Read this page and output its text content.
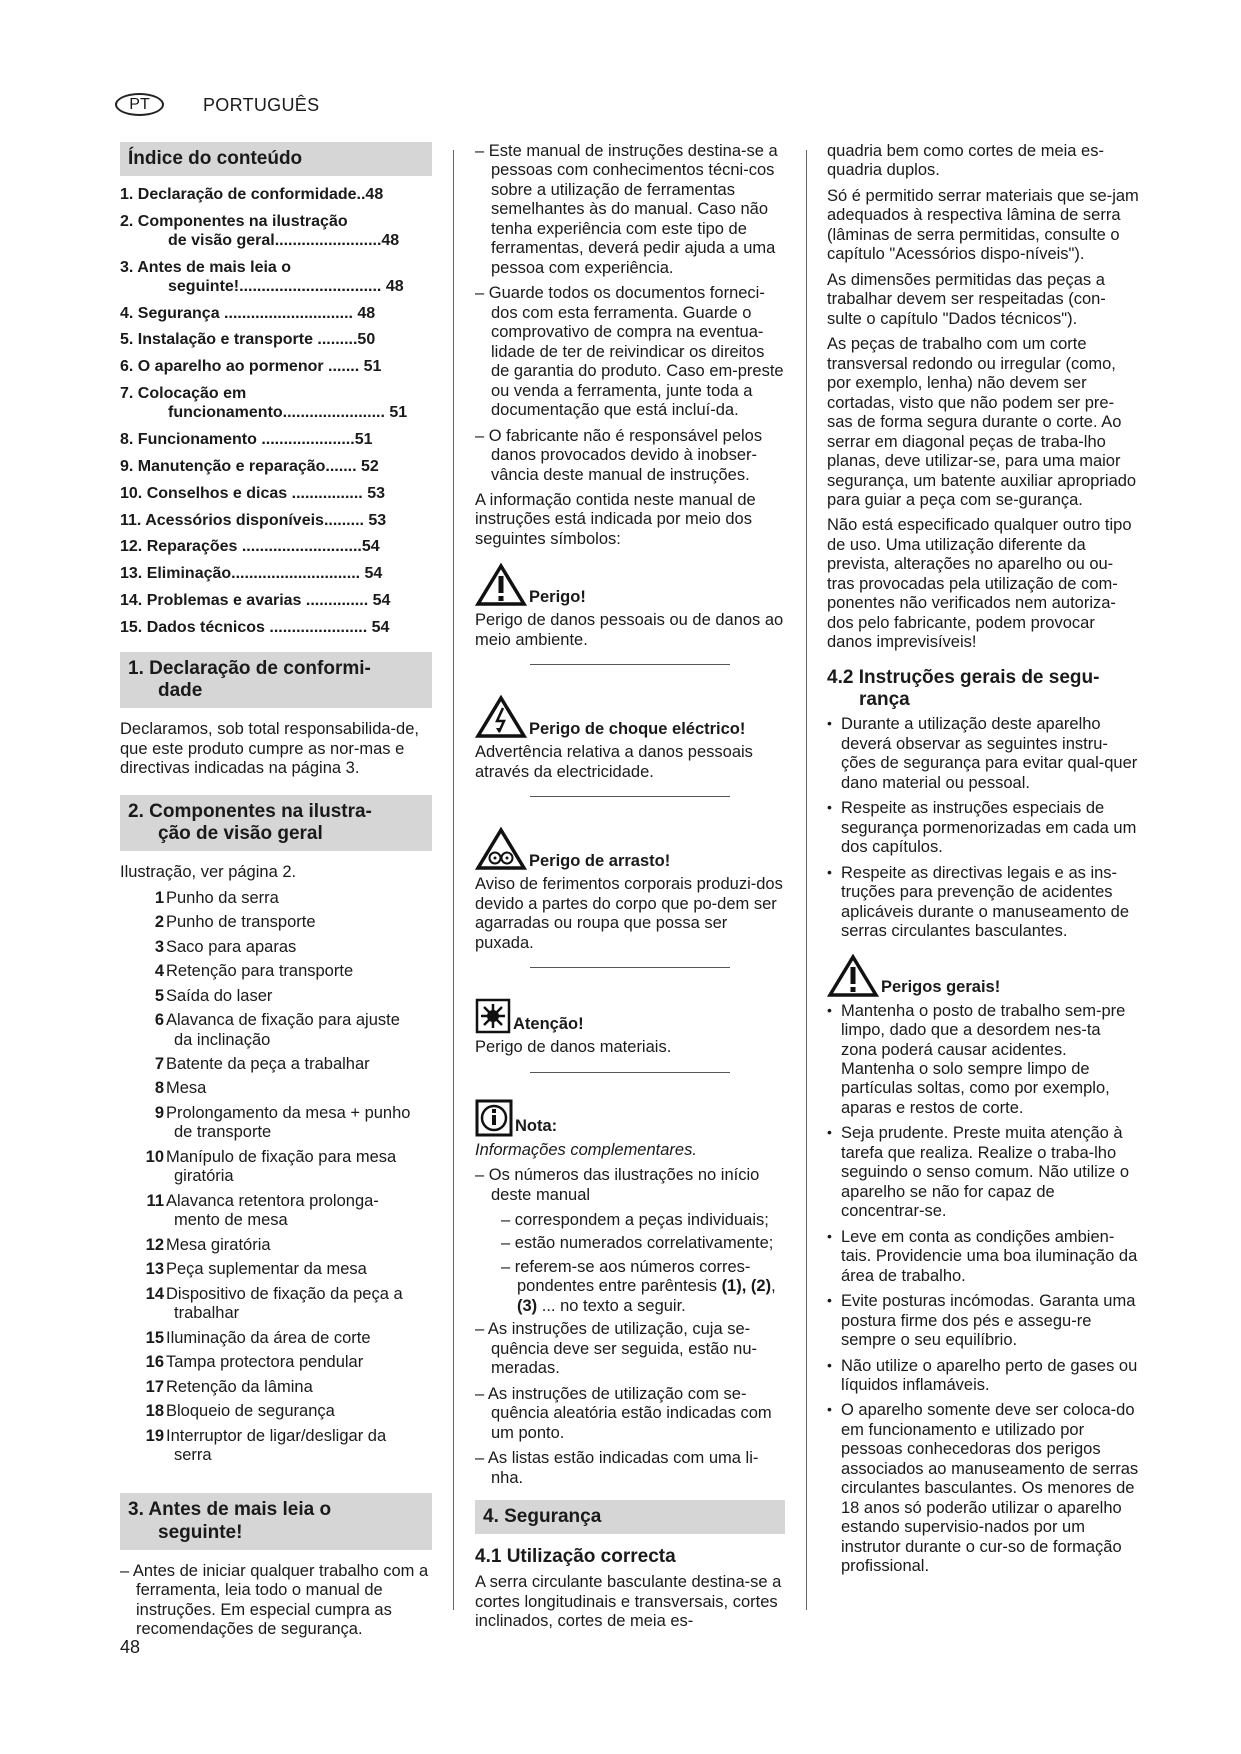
PT	PORTUGUÊS
Índice do conteúdo
1. Declaração de conformidade..48
2. Componentes na ilustração
de visão geral........................48
3. Antes de mais leia o
seguinte!................................ 48
4. Segurança ............................. 48
5. Instalação e transporte .........50
6. O aparelho ao pormenor ....... 51
7. Colocação em
funcionamento....................... 51
8. Funcionamento .....................51
9. Manutenção e reparação....... 52
10. Conselhos e dicas ................ 53
11. Acessórios disponíveis......... 53
12. Reparações ...........................54
13. Eliminação............................. 54
14. Problemas e avarias .............. 54
15. Dados técnicos ...................... 54
1. Declaração de conformi-
dade

Declaramos, sob total responsabilida-de, que este produto cumpre as nor-mas e directivas indicadas na página 3.

2. Componentes na ilustra-
ção de visão geral

Ilustração, ver página 2.

1 Punho da serra
2 Punho de transporte
3 Saco para aparas
4 Retenção para transporte
5 Saída do laser
6 Alavanca de fixação para ajuste
da inclinação
7 Batente da peça a trabalhar
8 Mesa
9 Prolongamento da mesa + punho
de transporte
10 Manípulo de fixação para mesa
giratória
11 Alavanca retentora prolonga-
mento de mesa
12 Mesa giratória
13 Peça suplementar da mesa
14 Dispositivo de fixação da peça a
trabalhar
15 Iluminação da área de corte
16 Tampa protectora pendular
17 Retenção da lâmina
18 Bloqueio de segurança
19 Interruptor de ligar/desligar da
serra
3. Antes de mais leia o
seguinte!

– Antes de iniciar qualquer trabalho com a ferramenta, leia todo o manual de instruções. Em especial cumpra as recomendações de segurança.

– Este manual de instruções destina-se a pessoas com conhecimentos técni-cos sobre a utilização de ferramentas semelhantes às do manual. Caso não tenha experiência com este tipo de ferramentas, deverá pedir ajuda a uma pessoa com experiência.

– Guarde todos os documentos forneci-dos com esta ferramenta. Guarde o comprovativo de compra na eventua-lidade de ter de reivindicar os direitos de garantia do produto. Caso em-preste ou venda a ferramenta, junte toda a documentação que está incluí-da.

– O fabricante não é responsável pelos danos provocados devido à inobser-vância deste manual de instruções.

A informação contida neste manual de instruções está indicada por meio dos seguintes símbolos:

Perigo!

Perigo de danos pessoais ou de danos ao meio ambiente.

Perigo de choque eléctrico!

Advertência relativa a danos pessoais através da electricidade.

Perigo de arrasto!

Aviso de ferimentos corporais produzi-dos devido a partes do corpo que po-dem ser agarradas ou roupa que possa ser puxada.

Atenção!

Perigo de danos materiais.

Nota:

Informações complementares.

– Os números das ilustrações no início deste manual

– correspondem a peças individuais;

– estão numerados correlativamente;

– referem-se aos números corres-pondentes entre parêntesis (1), (2), (3) ... no texto a seguir.

– As instruções de utilização, cuja se-quência deve ser seguida, estão nu-meradas.

– As instruções de utilização com se-quência aleatória estão indicadas com um ponto.

– As listas estão indicadas com uma li-nha.

4. Segurança
4.1 Utilização correcta

A serra circulante basculante destina-se a cortes longitudinais e transversais, cortes inclinados, cortes de meia es-

quadria bem como cortes de meia es-quadria duplos.

Só é permitido serrar materiais que se-jam adequados à respectiva lâmina de serra (lâminas de serra permitidas, consulte o capítulo "Acessórios dispo-níveis").

As dimensões permitidas das peças a trabalhar devem ser respeitadas (con-sulte o capítulo "Dados técnicos").

As peças de trabalho com um corte transversal redondo ou irregular (como, por exemplo, lenha) não devem ser cortadas, visto que não podem ser pre-sas de forma segura durante o corte. Ao serrar em diagonal peças de traba-lho planas, deve utilizar-se, para uma maior segurança, um batente auxiliar apropriado para guiar a peça com se-gurança.

Não está especificado qualquer outro tipo de uso. Uma utilização diferente da prevista, alterações no aparelho ou ou-tras provocadas pela utilização de com-ponentes não verificados nem autoriza-dos pelo fabricante, podem provocar danos imprevisíveis!

4.2 Instruções gerais de segu-
rança
• Durante a utilização deste aparelho deverá observar as seguintes instru-ções de segurança para evitar qual-quer dano material ou pessoal.
• Respeite as instruções especiais de segurança pormenorizadas em cada um dos capítulos.
• Respeite as directivas legais e as ins-truções para prevenção de acidentes aplicáveis durante o manuseamento de serras circulantes basculantes.
Perigos gerais!
• Mantenha o posto de trabalho sem-pre limpo, dado que a desordem nes-ta zona poderá causar acidentes. Mantenha o solo sempre limpo de partículas soltas, como por exemplo, aparas e restos de corte.
• Seja prudente. Preste muita atenção à tarefa que realiza. Realize o traba-lho seguindo o senso comum. Não utilize o aparelho se não for capaz de concentrar-se.
• Leve em conta as condições ambien-tais. Providencie uma boa iluminação da área de trabalho.
• Evite posturas incómodas. Garanta uma postura firme dos pés e assegu-re sempre o seu equilíbrio.
• Não utilize o aparelho perto de gases ou líquidos inflamáveis.
• O aparelho somente deve ser coloca-do em funcionamento e utilizado por pessoas conhecedoras dos perigos associados ao manuseamento de serras circulantes basculantes. Os menores de 18 anos só poderão utilizar o aparelho estando supervisio-nados por um instrutor durante o cur-so de formação profissional.
48
